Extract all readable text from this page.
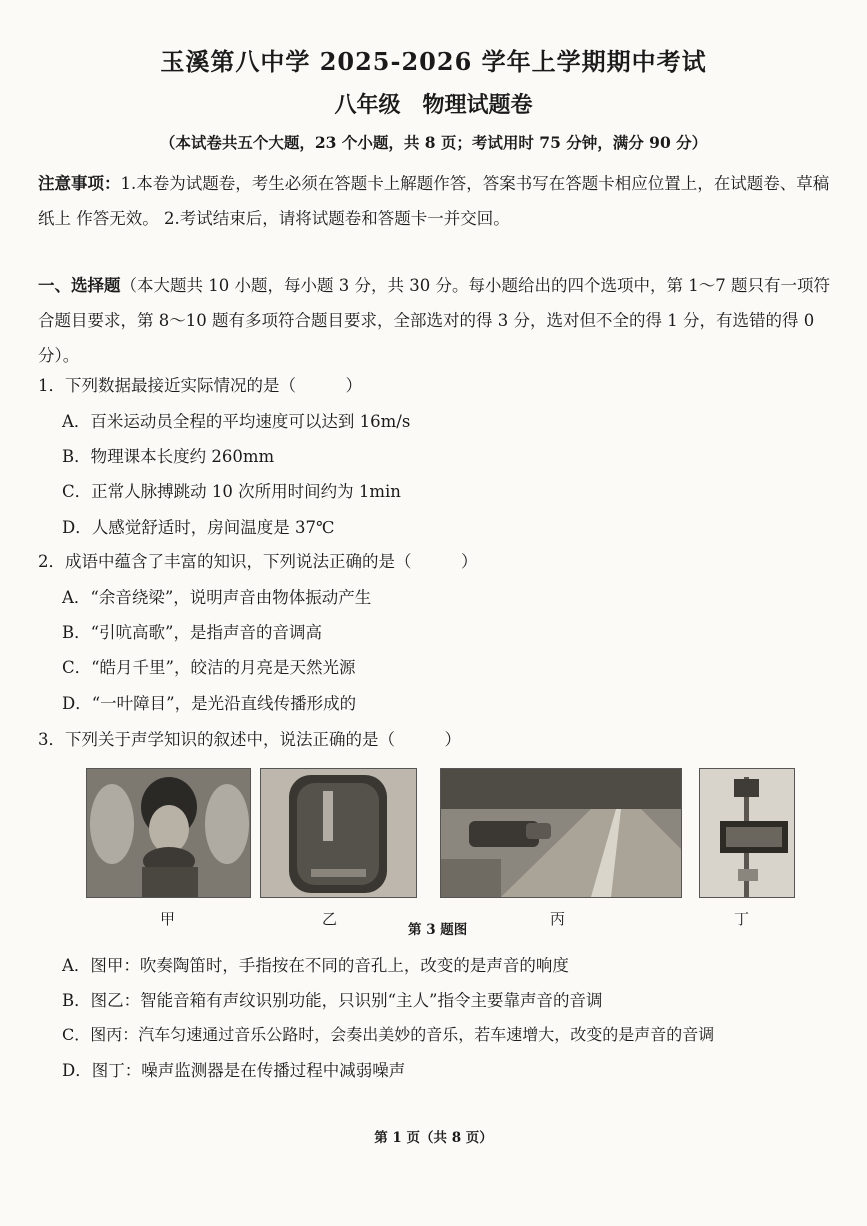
玉溪第八中学 2025-2026 学年上学期期中考试
八年级　物理试题卷
（本试卷共五个大题，23 个小题，共 8 页；考试用时 75 分钟，满分 90 分）
注意事项：1.本卷为试题卷，考生必须在答题卡上解题作答，答案书写在答题卡相应位置上，在试题卷、草稿纸上 作答无效。 2.考试结束后，请将试题卷和答题卡一并交回。
一、选择题（本大题共 10 小题，每小题 3 分，共 30 分。每小题给出的四个选项中，第 1～7 题只有一项符合题目要求，第 8～10 题有多项符合题目要求，全部选对的得 3 分，选对但不全的得 1 分，有选错的得 0 分）。
1．下列数据最接近实际情况的是（　　　）
A．百米运动员全程的平均速度可以达到 16m/s
B．物理课本长度约 260mm
C．正常人脉搏跳动 10 次所用时间约为 1min
D．人感觉舒适时，房间温度是 37℃
2．成语中蕴含了丰富的知识，下列说法正确的是（　　　）
A．“余音绕梁”，说明声音由物体振动产生
B．“引吭高歌”，是指声音的音调高
C．“皓月千里”，皎洁的月亮是天然光源
D．“一叶障目”，是光沿直线传播形成的
3．下列关于声学知识的叙述中，说法正确的是（　　　）
甲	乙
第 3 题图
丙	丁
A．图甲：吹奏陶笛时，手指按在不同的音孔上，改变的是声音的响度
B．图乙：智能音箱有声纹识别功能，只识别“主人”指令主要靠声音的音调
C．图丙：汽车匀速通过音乐公路时，会奏出美妙的音乐，若车速增大，改变的是声音的音调
D．图丁：噪声监测器是在传播过程中减弱噪声
第 1 页（共 8 页）
